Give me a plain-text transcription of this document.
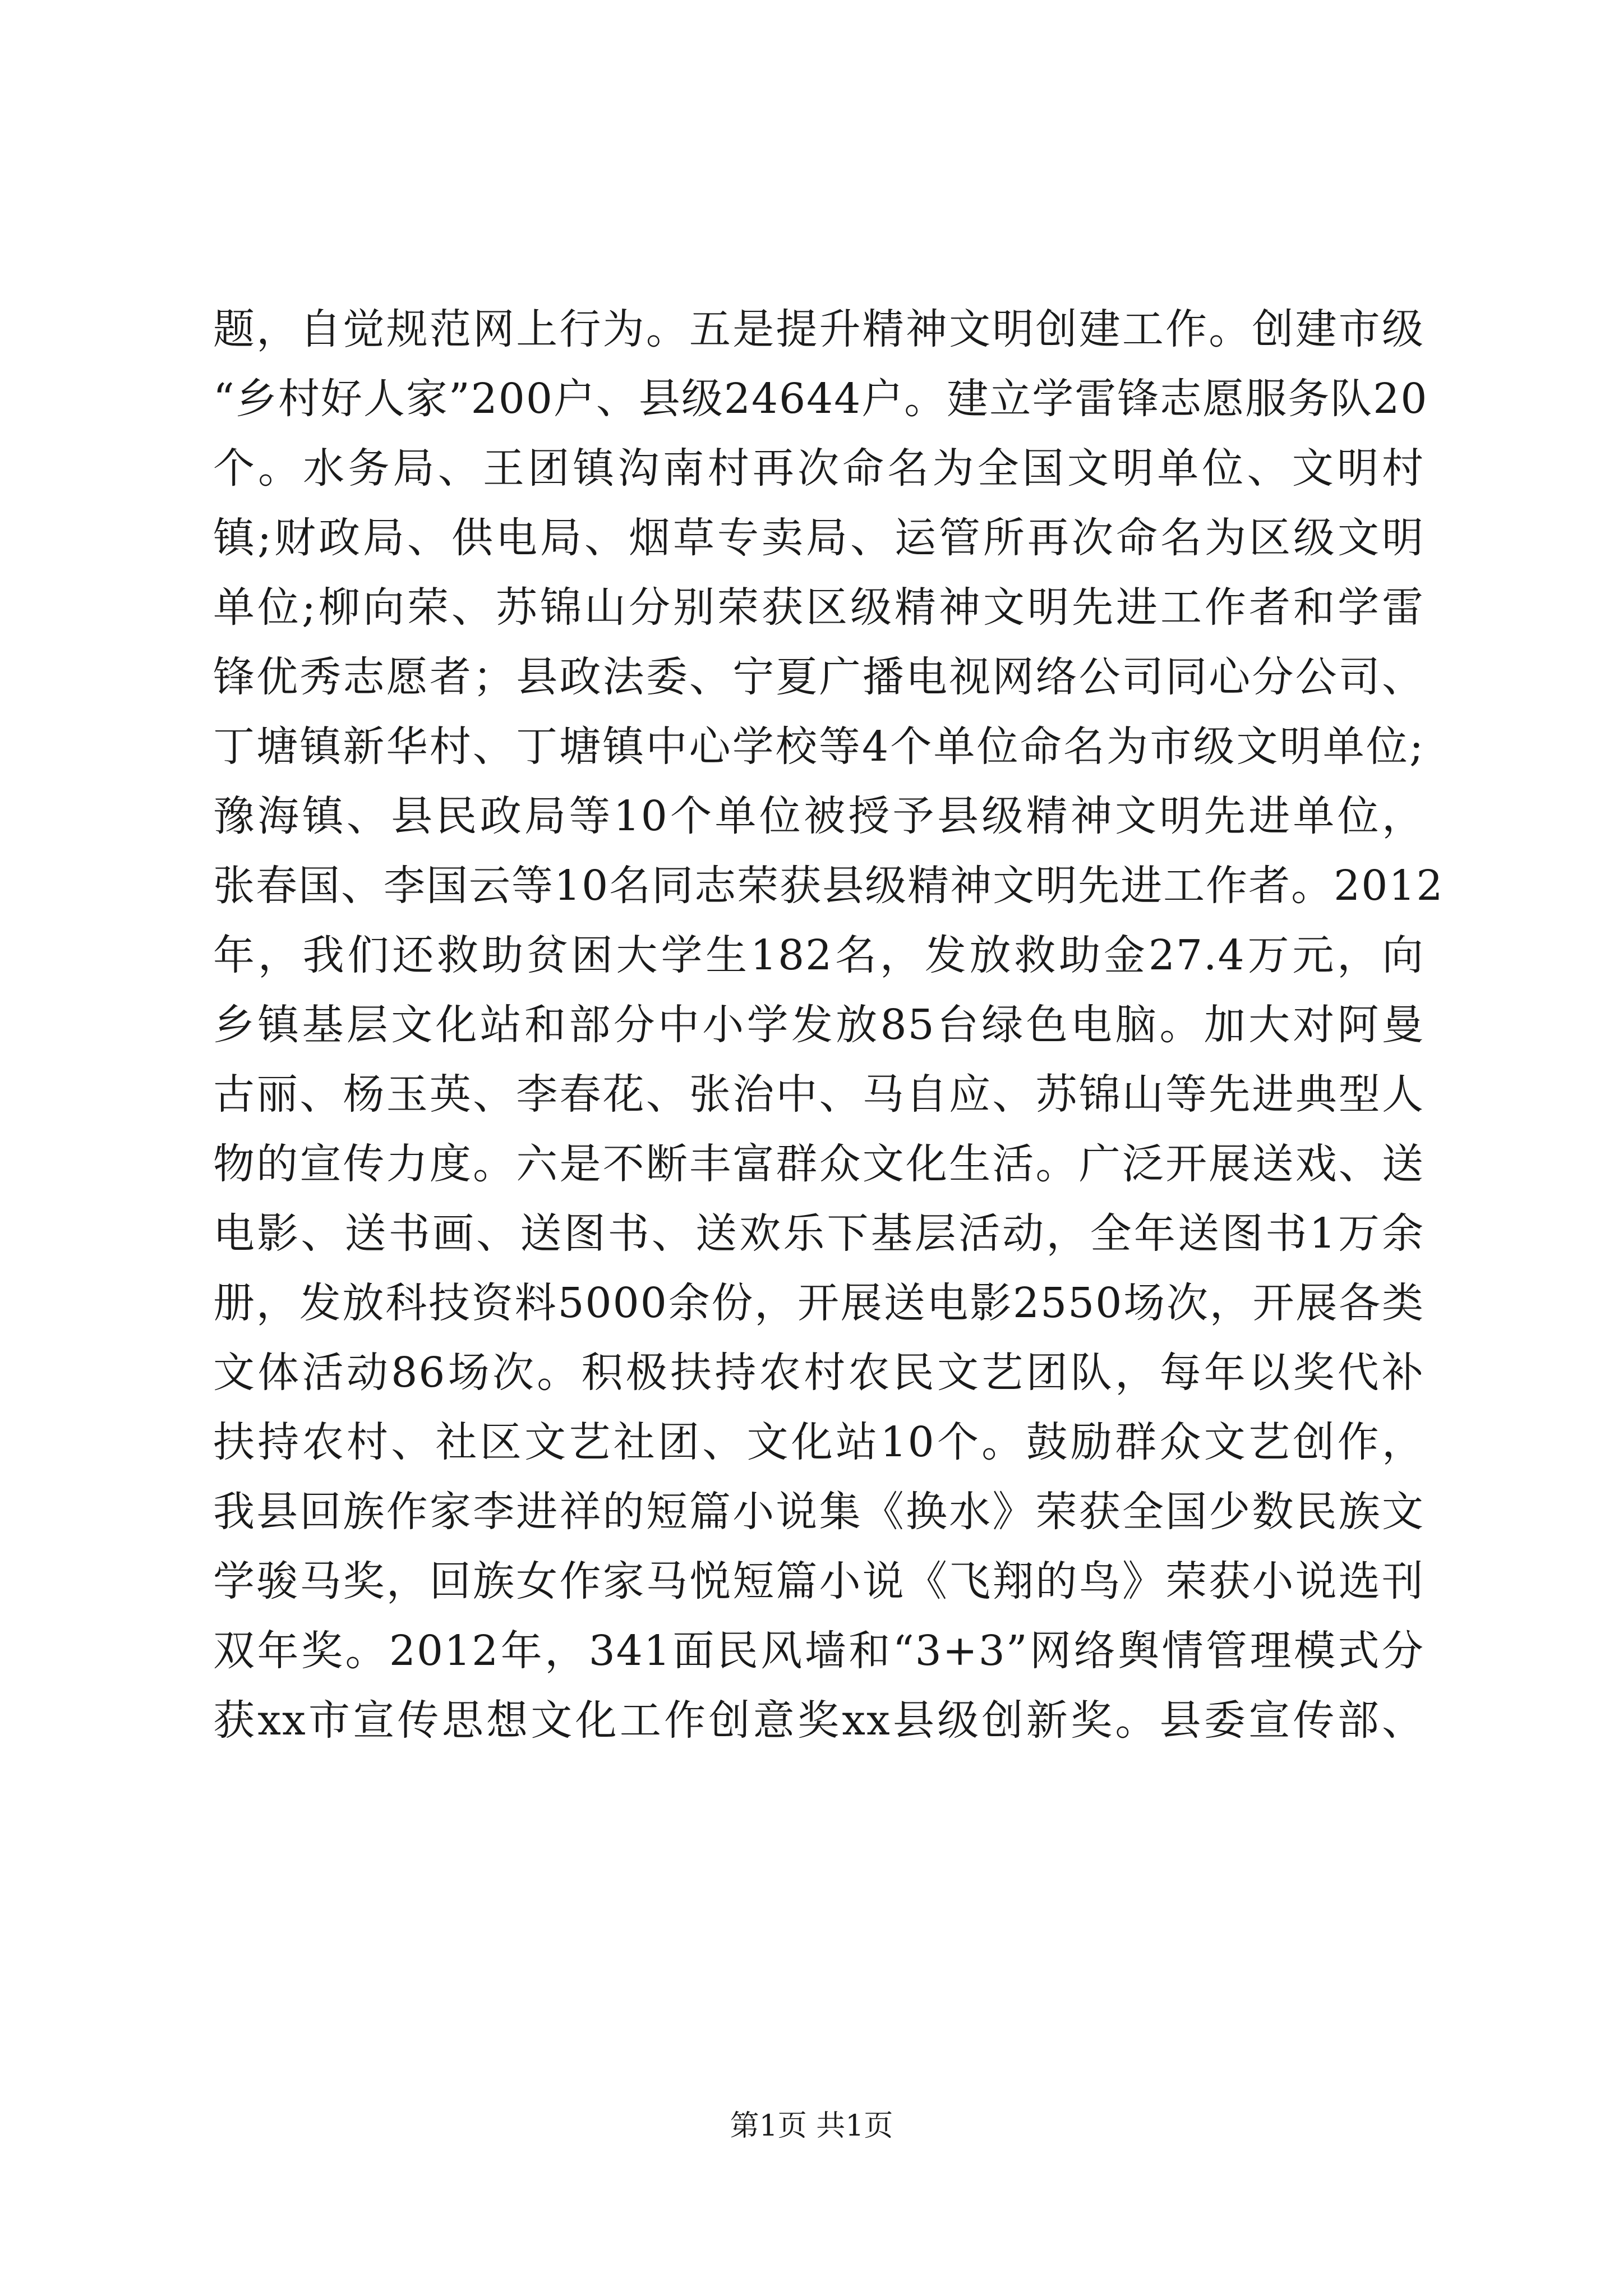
题，自觉规范网上行为。五是提升精神文明创建工作。创建市级
“乡村好人家”200户、县级24644户。建立学雷锋志愿服务队20
个。水务局、王团镇沟南村再次命名为全国文明单位、文明村
镇;财政局、供电局、烟草专卖局、运管所再次命名为区级文明
单位;柳向荣、苏锦山分别荣获区级精神文明先进工作者和学雷
锋优秀志愿者；县政法委、宁夏广播电视网络公司同心分公司、
丁塘镇新华村、丁塘镇中心学校等4个单位命名为市级文明单位;
豫海镇、县民政局等10个单位被授予县级精神文明先进单位，
张春国、李国云等10名同志荣获县级精神文明先进工作者。2012
年，我们还救助贫困大学生182名，发放救助金27.4万元，向
乡镇基层文化站和部分中小学发放85台绿色电脑。加大对阿曼
古丽、杨玉英、李春花、张治中、马自应、苏锦山等先进典型人
物的宣传力度。六是不断丰富群众文化生活。广泛开展送戏、送
电影、送书画、送图书、送欢乐下基层活动，全年送图书1万余
册，发放科技资料5000余份，开展送电影2550场次，开展各类
文体活动86场次。积极扶持农村农民文艺团队，每年以奖代补
扶持农村、社区文艺社团、文化站10个。鼓励群众文艺创作，
我县回族作家李进祥的短篇小说集《换水》荣获全国少数民族文
学骏马奖，回族女作家马悦短篇小说《飞翔的鸟》荣获小说选刊
双年奖。2012年，341面民风墙和“3+3”网络舆情管理模式分
获xx市宣传思想文化工作创意奖xx县级创新奖。县委宣传部、
第1页 共1页
